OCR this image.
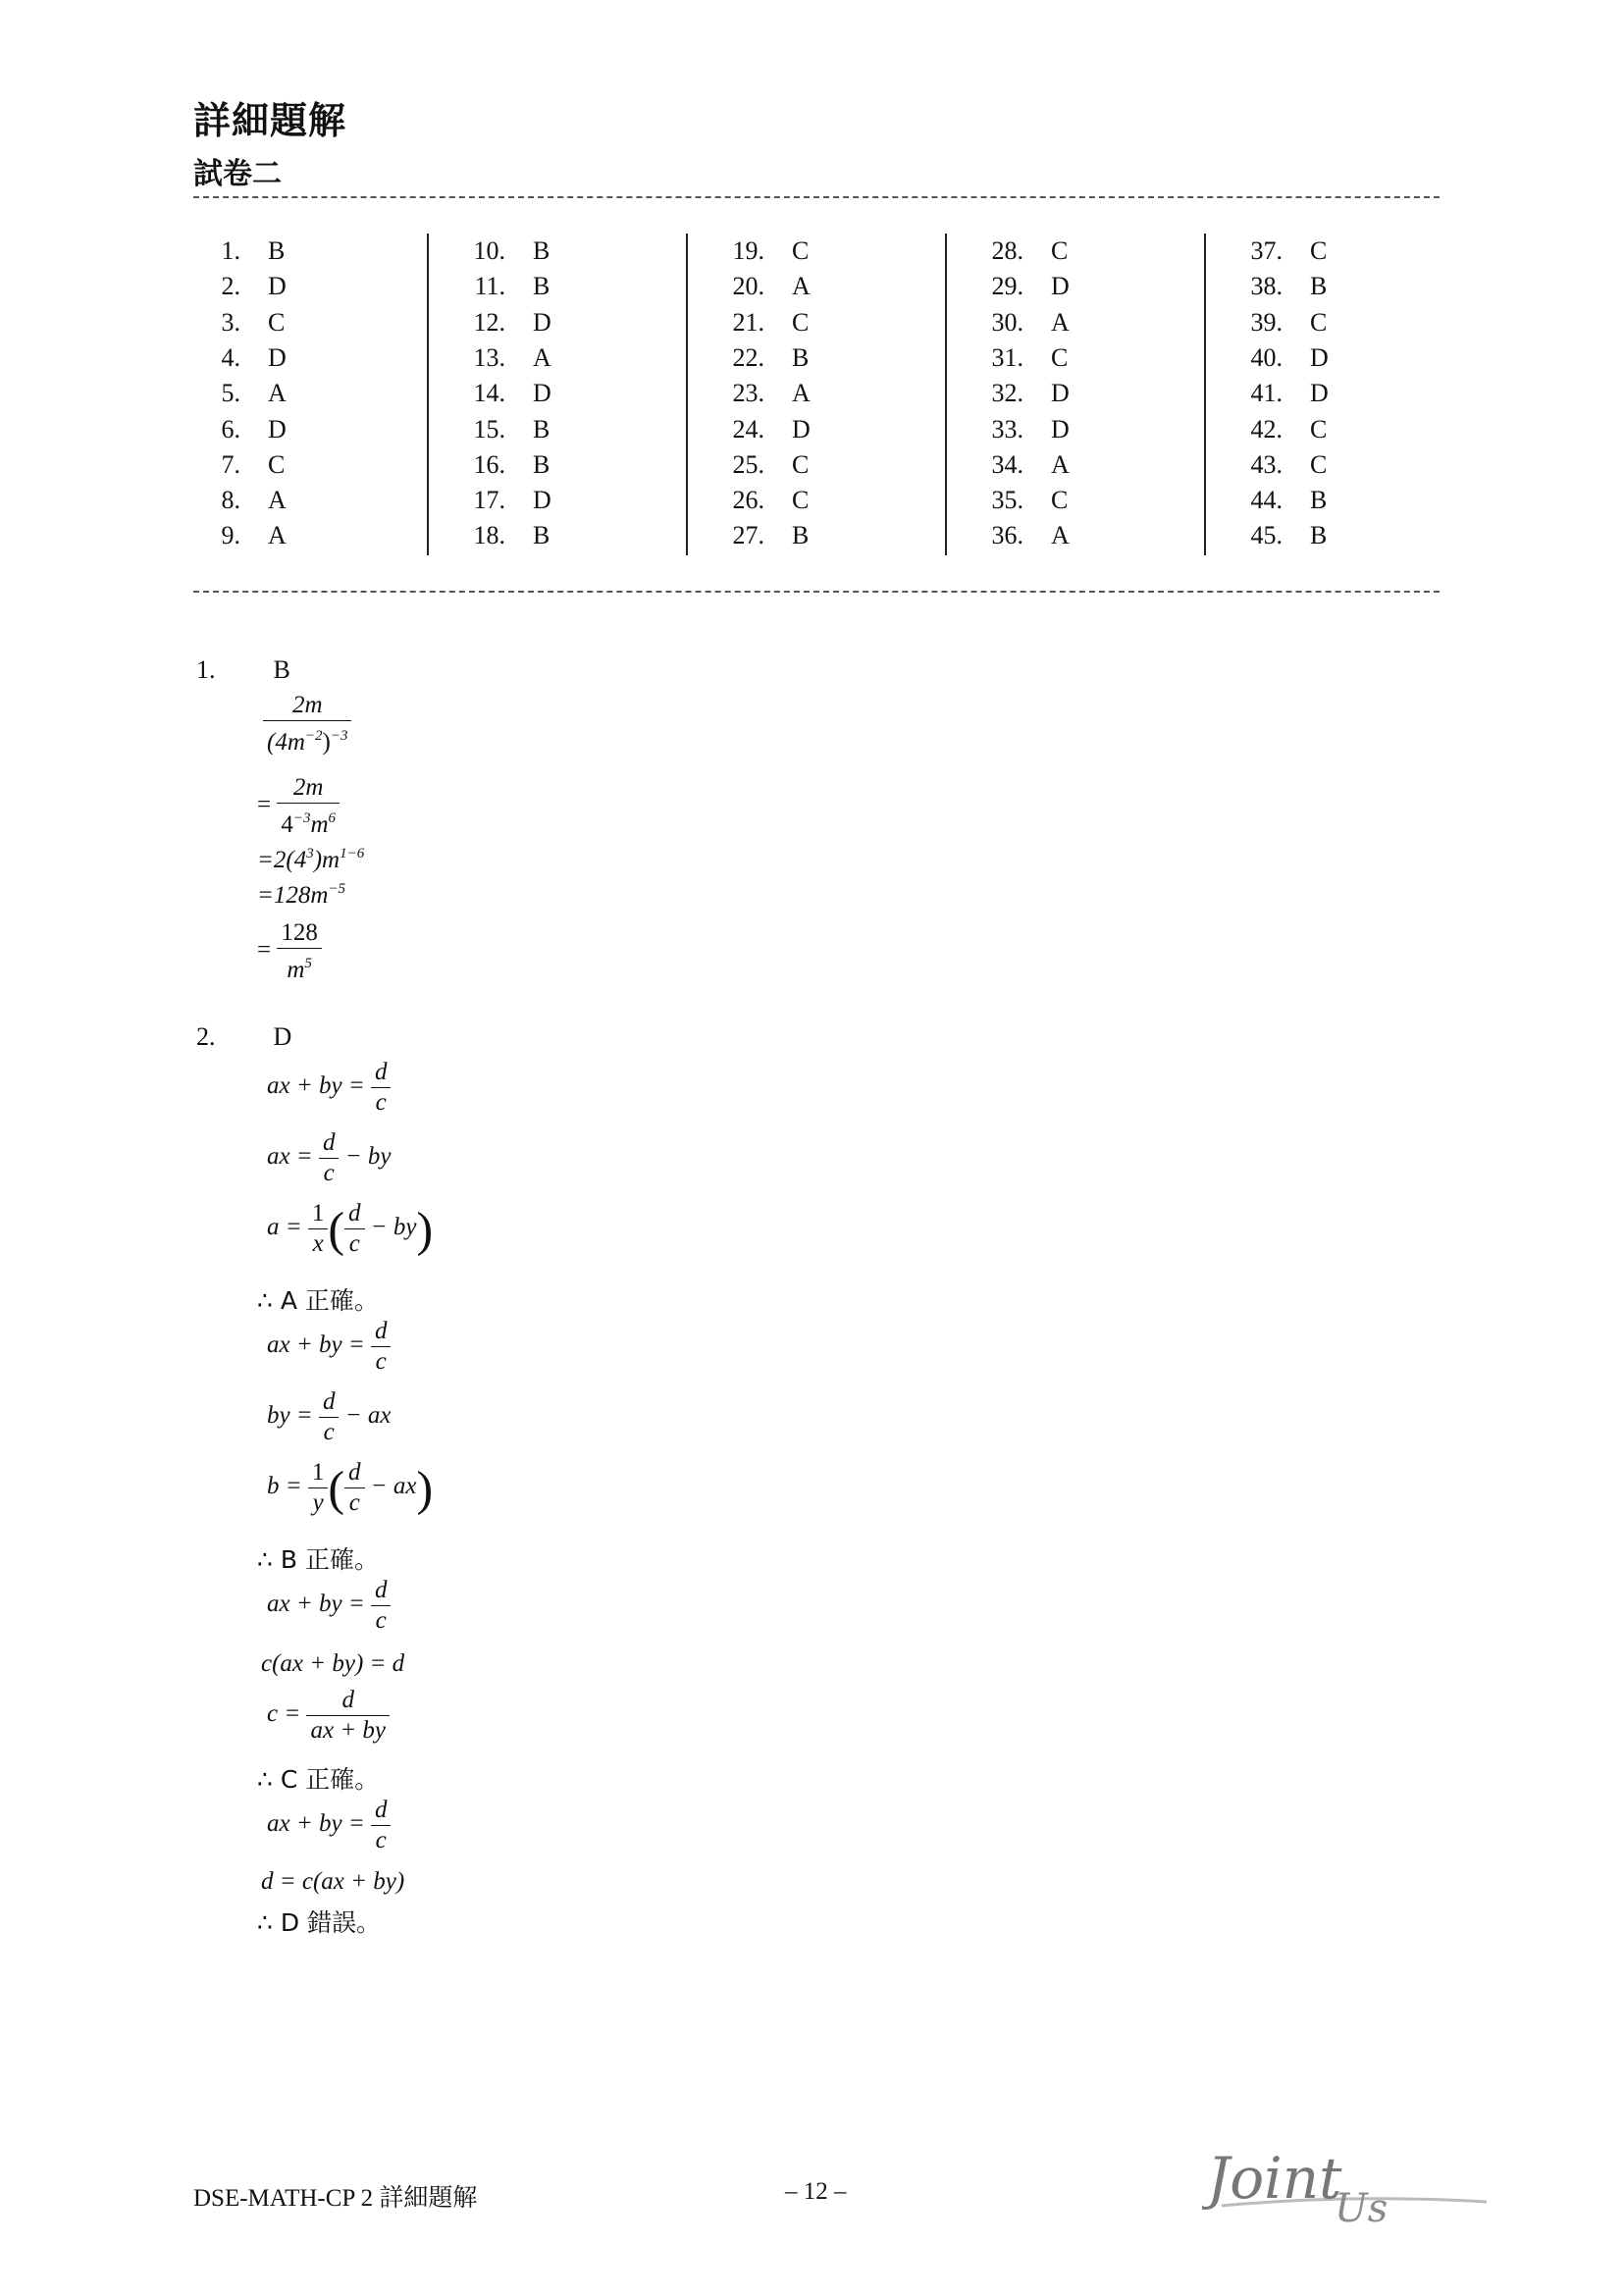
詳細題解
試卷二
1. B
2. D
3. C
4. D
5. A
6. D
7. C
8. A
9. A
10. B
11. B
12. D
13. A
14. D
15. B
16. B
17. D
18. B
19. C
20. A
21. C
22. B
23. A
24. D
25. C
26. C
27. B
28. C
29. D
30. A
31. C
32. D
33. D
34. A
35. C
36. A
37. C
38. B
39. C
40. D
41. D
42. C
43. C
44. B
45. B
1. B
$\frac{2m}{(4m^{-2})^{-3}}$
= $\frac{2m}{4^{-3}m^6}$
$=2(4^3)m^{1-6}$
$=128m^{-5}$
= $\frac{128}{m^5}$
2. D
ax + by = $\frac{d}{c}$
ax = $\frac{d}{c}$ − by
$a = \frac{1}{x}$ ( $\frac{d}{c} - by$)
∴ A 正確。
ax + by = $\frac{d}{c}$
by = $\frac{d}{c}$ − ax
$b = \frac{1}{y}$ ( $\frac{d}{c} - ax$)
∴ B 正確。
ax + by = $\frac{d}{c}$
c(ax + by) = d
$c = \frac{d}{ax + by}$
∴ C 正確。
ax + by = $\frac{d}{c}$
d = c(ax + by)
∴ D 錯誤。
DSE-MATH-CP 2 詳細題解	– 12 –	Joint
Us
